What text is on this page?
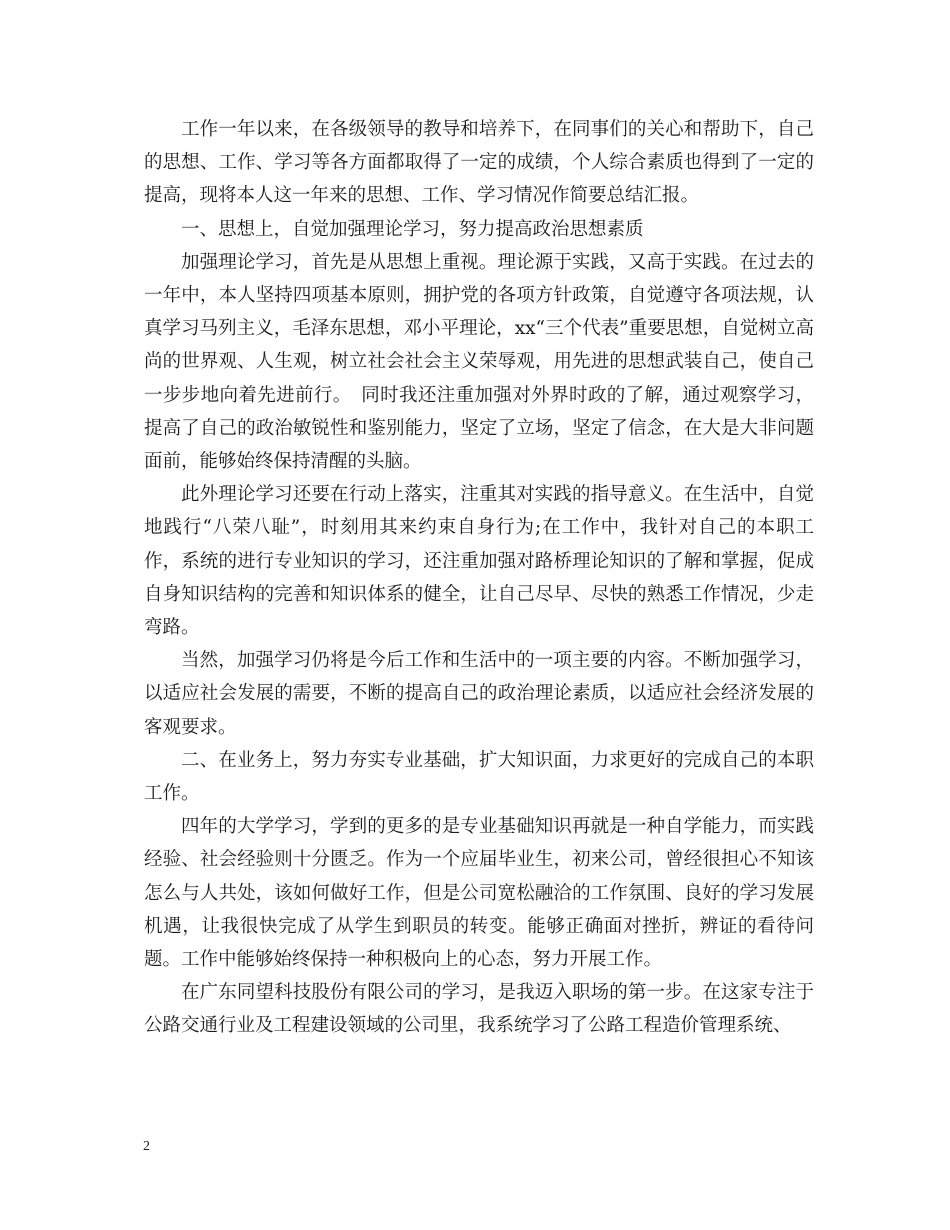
工作一年以来，在各级领导的教导和培养下，在同事们的关心和帮助下，自己的思想、工作、学习等各方面都取得了一定的成绩，个人综合素质也得到了一定的提高，现将本人这一年来的思想、工作、学习情况作简要总结汇报。

一、思想上，自觉加强理论学习，努力提高政治思想素质

加强理论学习，首先是从思想上重视。理论源于实践，又高于实践。在过去的一年中，本人坚持四项基本原则，拥护党的各项方针政策，自觉遵守各项法规，认真学习马列主义，毛泽东思想，邓小平理论，xx“三个代表”重要思想，自觉树立高尚的世界观、人生观，树立社会社会主义荣辱观，用先进的思想武装自己，使自己一步步地向着先进前行。　同时我还注重加强对外界时政的了解，通过观察学习，提高了自己的政治敏锐性和鉴别能力，坚定了立场，坚定了信念，在大是大非问题面前，能够始终保持清醒的头脑。

此外理论学习还要在行动上落实，注重其对实践的指导意义。在生活中，自觉地践行“八荣八耻”，时刻用其来约束自身行为;在工作中，我针对自己的本职工作，系统的进行专业知识的学习，还注重加强对路桥理论知识的了解和掌握，促成自身知识结构的完善和知识体系的健全，让自己尽早、尽快的熟悉工作情况，少走弯路。

当然，加强学习仍将是今后工作和生活中的一项主要的内容。不断加强学习，以适应社会发展的需要，不断的提高自己的政治理论素质，以适应社会经济发展的客观要求。

二、在业务上，努力夯实专业基础，扩大知识面，力求更好的完成自己的本职工作。

四年的大学学习，学到的更多的是专业基础知识再就是一种自学能力，而实践经验、社会经验则十分匮乏。作为一个应届毕业生，初来公司，曾经很担心不知该怎么与人共处，该如何做好工作，但是公司宽松融洽的工作氛围、良好的学习发展机遇，让我很快完成了从学生到职员的转变。能够正确面对挫折，辨证的看待问题。工作中能够始终保持一种积极向上的心态，努力开展工作。

在广东同望科技股份有限公司的学习，是我迈入职场的第一步。在这家专注于公路交通行业及工程建设领域的公司里，我系统学习了公路工程造价管理系统、

2
